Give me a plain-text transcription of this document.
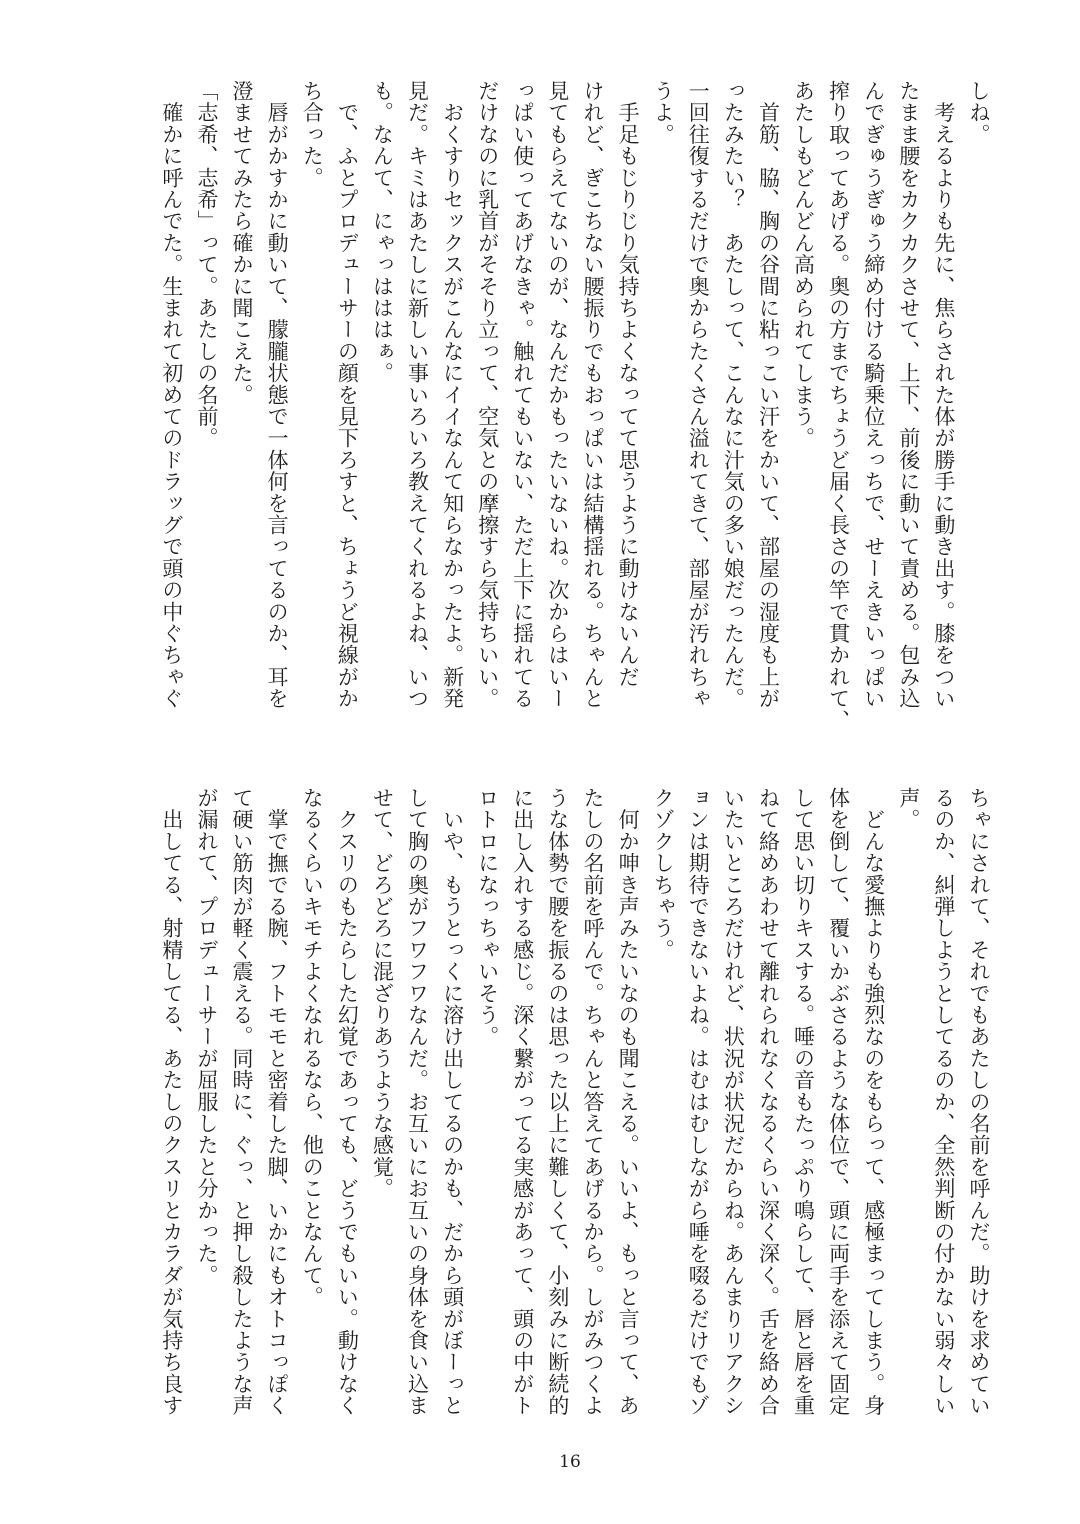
しね。
　考えるよりも先に、焦らされた体が勝手に動き出す。膝をつい
たまま腰をカクカクさせて、上下、前後に動いて責める。包み込
んでぎゅうぎゅう締め付ける騎乗位えっちで、せーえきいっぱい
搾り取ってあげる。奥の方までちょうど届く長さの竿で貫かれて、
あたしもどんどん高められてしまう。
　首筋、脇、胸の谷間に粘っこい汗をかいて、部屋の湿度も上が
ったみたい？　あたしって、こんなに汁気の多い娘だったんだ。
一回往復するだけで奥からたくさん溢れてきて、部屋が汚れちゃ
うよ。
　手足もじりじり気持ちよくなってて思うように動けないんだ
けれど、ぎこちない腰振りでもおっぱいは結構揺れる。ちゃんと
見てもらえてないのが、なんだかもったいないね。次からはいー
っぱい使ってあげなきゃ。触れてもいない、ただ上下に揺れてる
だけなのに乳首がそそり立って、空気との摩擦すら気持ちいい。
　おくすりセックスがこんなにイイなんて知らなかったよ。新発
見だ。キミはあたしに新しい事いろいろ教えてくれるよね、いつ
も。なんて、にゃっはははぁ。
　で、ふとプロデューサーの顔を見下ろすと、ちょうど視線がか
ち合った。
　唇がかすかに動いて、朦朧状態で一体何を言ってるのか、耳を
澄ませてみたら確かに聞こえた。
「志希、志希」って。あたしの名前。
　確かに呼んでた。生まれて初めてのドラッグで頭の中ぐちゃぐ
ちゃにされて、それでもあたしの名前を呼んだ。助けを求めてい
るのか、糾弾しようとしてるのか、全然判断の付かない弱々しい
声。
　どんな愛撫よりも強烈なのをもらって、感極まってしまう。身
体を倒して、覆いかぶさるような体位で、頭に両手を添えて固定
して思い切りキスする。唾の音もたっぷり鳴らして、唇と唇を重
ねて絡めあわせて離れられなくなるくらい深く深く。舌を絡め合
いたいところだけれど、状況が状況だからね。あんまりリアクシ
ョンは期待できないよね。はむはむしながら唾を啜るだけでもゾ
クゾクしちゃう。
　何か呻き声みたいなのも聞こえる。いいよ、もっと言って、あ
たしの名前を呼んで。ちゃんと答えてあげるから。しがみつくよ
うな体勢で腰を振るのは思った以上に難しくて、小刻みに断続的
に出し入れする感じ。深く繋がってる実感があって、頭の中がト
ロトロになっちゃいそう。
　いや、もうとっくに溶け出してるのかも、だから頭がぼーっと
して胸の奥がフワフワなんだ。お互いにお互いの身体を食い込ま
せて、どろどろに混ざりあうような感覚。
　クスリのもたらした幻覚であっても、どうでもいい。動けなく
なるくらいキモチよくなれるなら、他のことなんて。
　掌で撫でる腕、フトモモと密着した脚、いかにもオトコっぽく
て硬い筋肉が軽く震える。同時に、ぐっ、と押し殺したような声
が漏れて、プロデューサーが屈服したと分かった。
　出してる、射精してる、あたしのクスリとカラダが気持ち良す
16
